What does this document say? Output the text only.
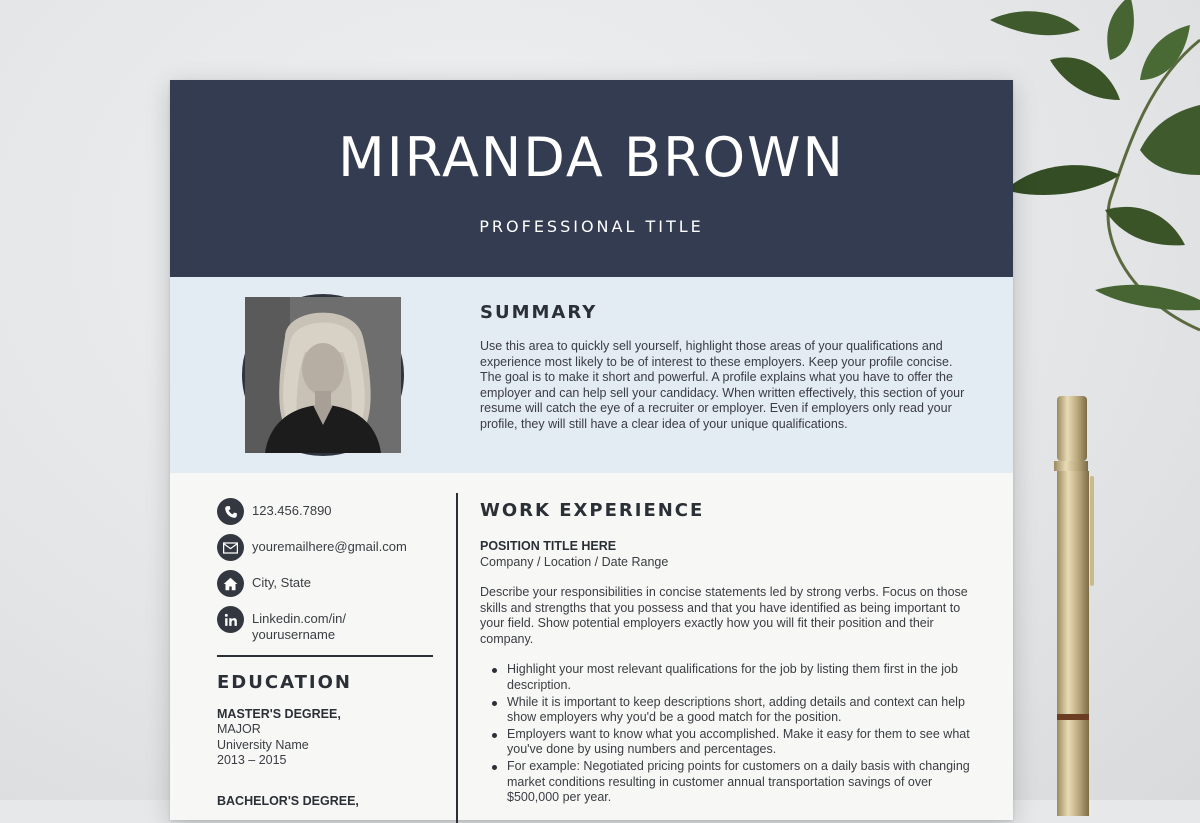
MIRANDA BROWN
PROFESSIONAL TITLE
SUMMARY
Use this area to quickly sell yourself, highlight those areas of your qualifications and experience most likely to be of interest to these employers. Keep your profile concise. The goal is to make it short and powerful. A profile explains what you have to offer the employer and can help sell your candidacy. When written effectively, this section of your resume will catch the eye of a recruiter or employer. Even if employers only read your profile, they will still have a clear idea of your unique qualifications.
123.456.7890
youremailhere@gmail.com
City, State
Linkedin.com/in/
yourusername
EDUCATION
MASTER'S DEGREE,
MAJOR
University Name
2013 – 2015
BACHELOR'S DEGREE,
WORK EXPERIENCE
POSITION TITLE HERE
Company / Location / Date Range
Describe your responsibilities in concise statements led by strong verbs. Focus on those skills and strengths that you possess and that you have identified as being important to your field. Show potential employers exactly how you will fit their position and their company.
Highlight your most relevant qualifications for the job by listing them first in the job description.
While it is important to keep descriptions short, adding details and context can help show employers why you'd be a good match for the position.
Employers want to know what you accomplished. Make it easy for them to see what you've done by using numbers and percentages.
For example: Negotiated pricing points for customers on a daily basis with changing market conditions resulting in customer annual transportation savings of over $500,000 per year.
